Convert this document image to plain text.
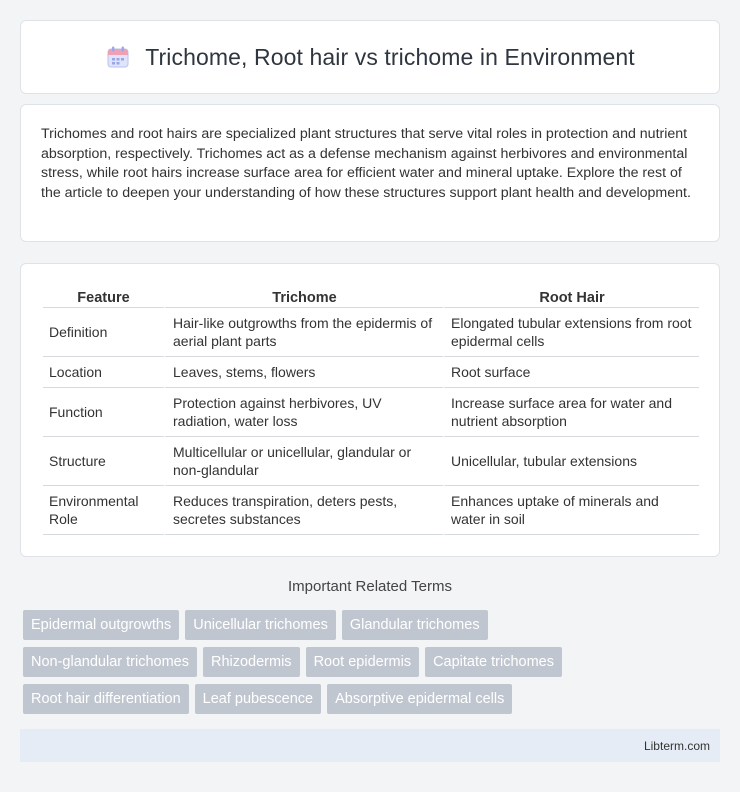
Trichome, Root hair vs trichome in Environment

Trichomes and root hairs are specialized plant structures that serve vital roles in protection and nutrient absorption, respectively. Trichomes act as a defense mechanism against herbivores and environmental stress, while root hairs increase surface area for efficient water and mineral uptake. Explore the rest of the article to deepen your understanding of how these structures support plant health and development.

Feature	Trichome	Root Hair
Definition	Hair-like outgrowths from the epidermis of aerial plant parts	Elongated tubular extensions from root epidermal cells
Location	Leaves, stems, flowers	Root surface
Function	Protection against herbivores, UV radiation, water loss	Increase surface area for water and nutrient absorption
Structure	Multicellular or unicellular, glandular or non-glandular	Unicellular, tubular extensions
Environmental Role	Reduces transpiration, deters pests, secretes substances	Enhances uptake of minerals and water in soil
Important Related Terms
Epidermal outgrowths	Unicellular trichomes	Glandular trichomes
Non-glandular trichomes	Rhizodermis	Root epidermis	Capitate trichomes
Root hair differentiation	Leaf pubescence	Absorptive epidermal cells
Libterm.com
